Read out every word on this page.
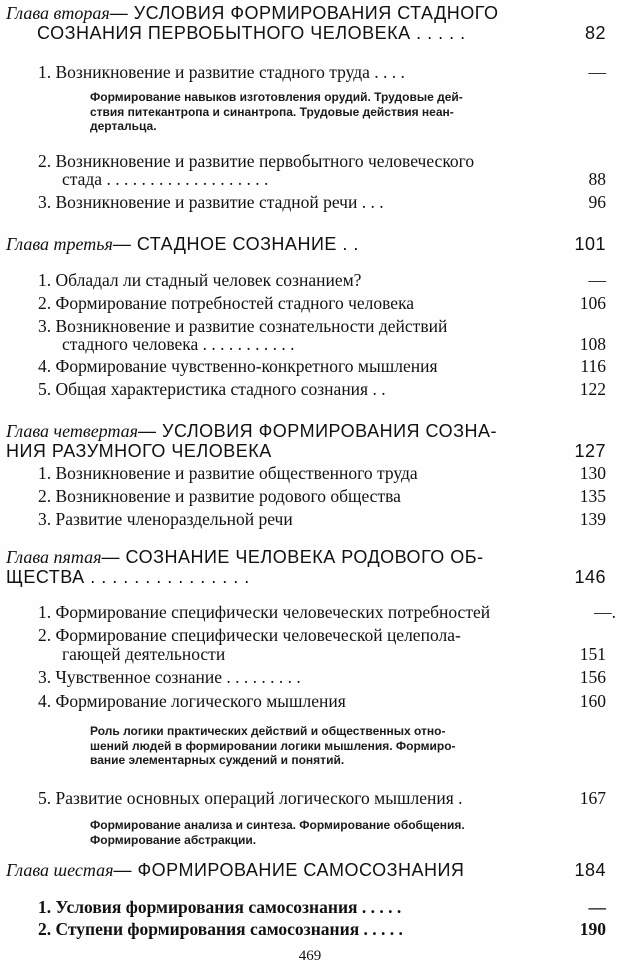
Глава вторая— УСЛОВИЯ ФОРМИРОВАНИЯ СТАДНОГО
СОЗНАНИЯ ПЕРВОБЫТНОГО ЧЕЛОВЕКА . . . . .	82
1. Возникновение и развитие стадного труда . . . .	—
Формирование навыков изготовления орудий. Трудовые дей-
ствия питекантропа и синантропа. Трудовые действия неан-
дертальца.
2. Возникновение и развитие первобытного человеческого
стада . . . . . . . . . . . . . . . . . . .	88
3. Возникновение и развитие стадной речи . . .	96
Глава третья— СТАДНОЕ СОЗНАНИЕ . .	101
1. Обладал ли стадный человек сознанием?	—
2. Формирование потребностей стадного человека	106
3. Возникновение и развитие сознательности действий
стадного человека . . . . . . . . . . .	108
4. Формирование чувственно-конкретного мышления	116
5. Общая характеристика стадного сознания . .	122
Глава четвертая— УСЛОВИЯ ФОРМИРОВАНИЯ СОЗНА-
НИЯ РАЗУМНОГО ЧЕЛОВЕКА	127
1. Возникновение и развитие общественного труда	130
2. Возникновение и развитие родового общества	135
3. Развитие членораздельной речи	139
Глава пятая— СОЗНАНИЕ ЧЕЛОВЕКА РОДОВОГО ОБ-
ЩЕСТВА . . . . . . . . . . . . . . .	146
1. Формирование специфически человеческих потребностей	—.
2. Формирование специфически человеческой целепола-
гающей деятельности	151
3. Чувственное сознание . . . . . . . . .	156
4. Формирование логического мышления	160
Роль логики практических действий и общественных отно-
шений людей в формировании логики мышления. Формиро-
вание элементарных суждений и понятий.
5. Развитие основных операций логического мышления .	167
Формирование анализа и синтеза. Формирование обобщения.
Формирование абстракции.
Глава шестая— ФОРМИРОВАНИЕ САМОСОЗНАНИЯ	184
1. Условия формирования самосознания . . . . .	—
2. Ступени формирования самосознания . . . . .	190
469
